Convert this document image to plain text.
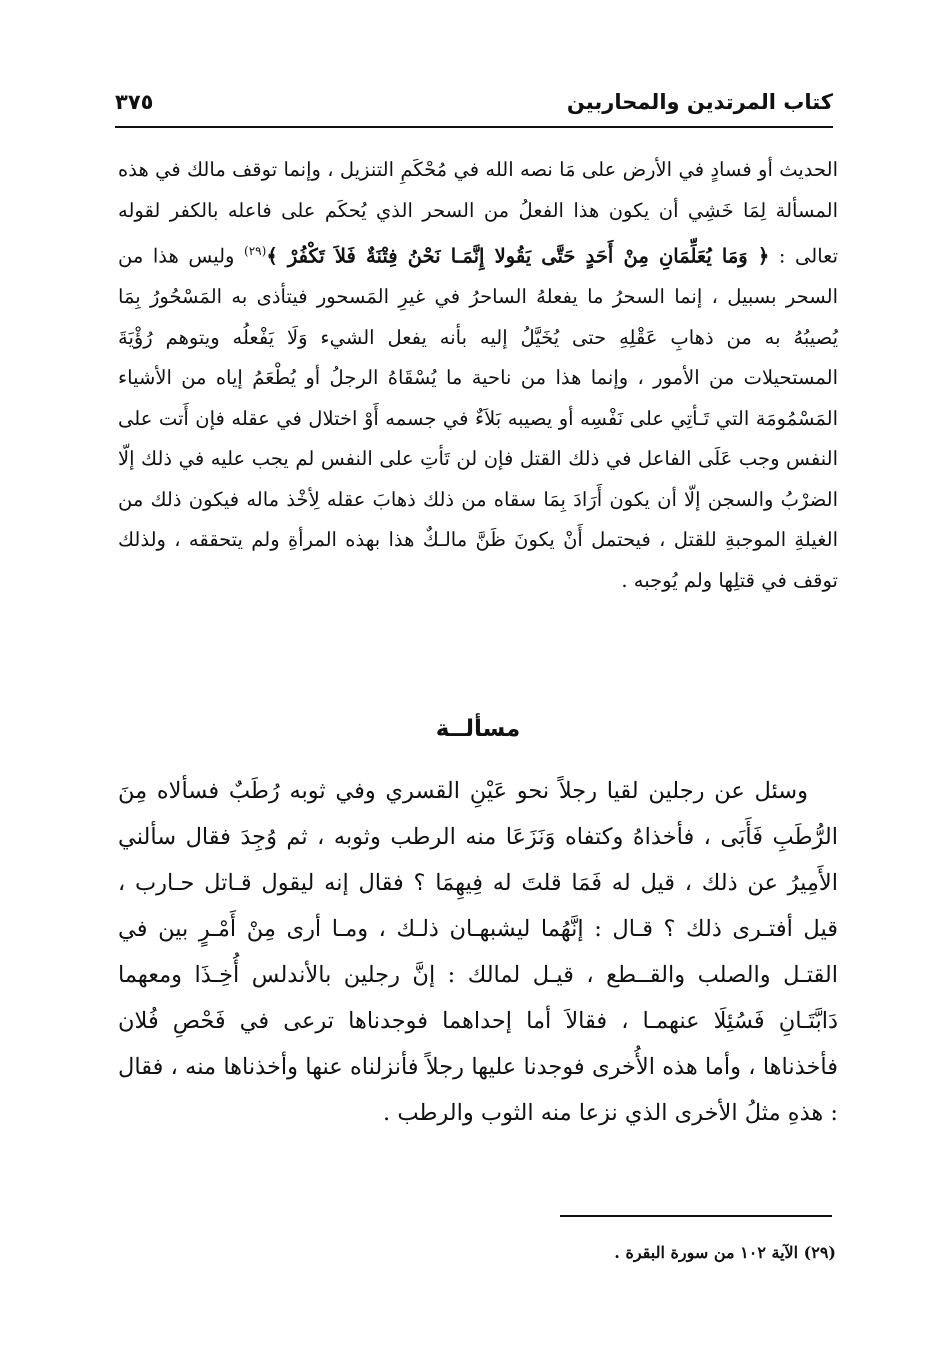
كتاب المرتدين والمحاربين
٣٧٥

الحديث أو فسادٍ في الأرض على مَا نصه الله في مُحْكَمِ التنزيل ، وإنما توقف مالك في هذه المسألة لِمَا خَشِي أن يكون هذا الفعلُ من السحر الذي يُحكَم على فاعله بالكفر لقوله تعالى : ﴿ وَمَا يُعَلِّمَانِ مِنْ أَحَدٍ حَتَّى يَقُولا إِنَّمَـا نَحْنُ فِتْنَةٌ فَلاَ تَكْفُرْ ﴾$^{(٢٩)}$ وليس هذا من السحر بسبيل ، إنما السحرُ ما يفعلهُ الساحرُ في غيرِ المَسحور فيتأذى به المَسْحُورُ بِمَا يُصيبُهُ به من ذهابِ عَقْلِهِ حتى يُخَيَّلُ إليه بأنه يفعل الشيء وَلَا يَفْعلُه ويتوهم رُؤْيَةَ المستحيلات من الأمور ، وإنما هذا من ناحية ما يُسْقَاهُ الرجلُ أو يُطْعَمُ إياه من الأشياء المَسْمُومَة التي تَـأتِي على نَفْسِه أو يصيبه بَلاَءٌ في جسمه أَوْ اختلال في عقله فإن أَتت على النفس وجب عَلَى الفاعل في ذلك القتل فإن لن تَأتِ على النفس لم يجب عليه في ذلك إلّا الضرْبُ والسجن إلّا أن يكون أَرَادَ بِمَا سقاه من ذلك ذهابَ عقله لِأخْذ ماله فيكون ذلك من الغيلةِ الموجبةِ للقتل ، فيحتمل أَنْ يكونَ ظَنَّ مالـكٌ هذا بهذه المرأةِ ولم يتحققه ، ولذلك توقف في قتلِها ولم يُوجبه .

مسألــة

وسئل عن رجلين لقيا رجلاً نحو عَيْنِ القسري وفي ثوبه رُطَبٌ فسألاه مِنَ الرُّطَبِ فَأَبَى ، فأخذاهُ وكتفاه وَنَزَعَا منه الرطب وثوبه ، ثم وُجِدَ فقال سألني الأَمِيرُ عن ذلك ، قيل له فَمَا قلتَ له فِيهِمَا ؟ فقال إنه ليقول قـاتل حـارب ، قيل أفتـرى ذلك ؟ قـال : إنَّهُما ليشبهـان ذلـك ، ومـا أرى مِنْ أَمْـرٍ بين في القتـل والصلب والقــطع ، قيـل لمالك : إنَّ رجلين بالأندلس أُخِـذَا ومعهما دَابَّتَـانِ فَسُئِلَا عنهمـا ، فقالاَ أما إحداهما فوجدناها ترعى في فَحْصِ فُلان فأخذناها ، وأما هذه الأُخرى فوجدنا عليها رجلاً فأنزلناه عنها وأخذناها منه ، فقال : هذهِ مثلُ الأخرى الذي نزعا منه الثوب والرطب .

(٢٩) الآية ١٠٢ من سورة البقرة .
